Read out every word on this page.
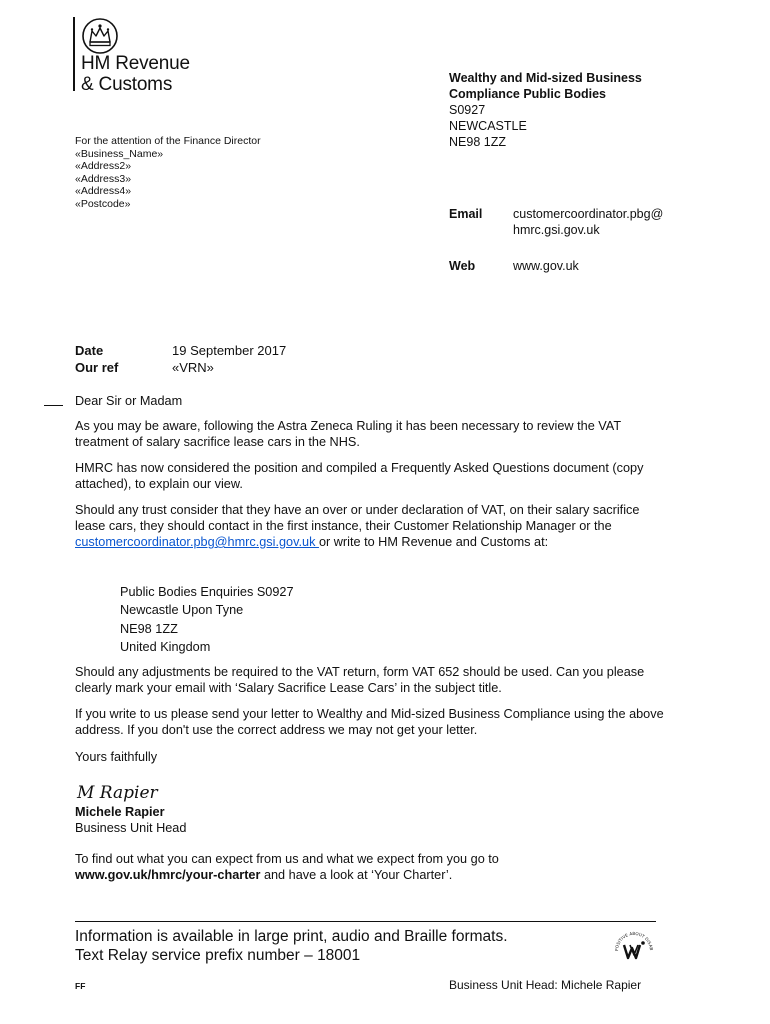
HM Revenue
& Customs	Wealthy and Mid-sized Business
Compliance Public Bodies
S0927
NEWCASTLE
NE98 1ZZ
For the attention of the Finance Director
«Business_Name»
«Address2»
«Address3»
«Address4»
«Postcode»
Email customercoordinator.pbg@
hmrc.gsi.gov.uk
Web	www.gov.uk
Date	19 September 2017
Our ref	«VRN»

Dear Sir or Madam

As you may be aware, following the Astra Zeneca Ruling it has been necessary to review the VAT treatment of salary sacrifice lease cars in the NHS.

HMRC has now considered the position and compiled a Frequently Asked Questions document (copy attached), to explain our view.

Should any trust consider that they have an over or under declaration of VAT, on their salary sacrifice lease cars, they should contact in the first instance, their Customer Relationship Manager or the customercoordinator.pbg@hmrc.gsi.gov.uk or write to HM Revenue and Customs at:

Public Bodies Enquiries S0927
Newcastle Upon Tyne
NE98 1ZZ
United Kingdom

Should any adjustments be required to the VAT return, form VAT 652 should be used. Can you please clearly mark your email with ‘Salary Sacrifice Lease Cars’ in the subject title.

If you write to us please send your letter to Wealthy and Mid-sized Business Compliance using the above address. If you don't use the correct address we may not get your letter.

Yours faithfully

M Rapier
Michele Rapier
Business Unit Head
To find out what you can expect from us and what we expect from you go to
www.gov.uk/hmrc/your-charter and have a look at ‘Your Charter’.
Information is available in large print, audio and Braille formats.
Text Relay service prefix number – 18001	POSITIVE ABOUT DISAB
FF	Business Unit Head: Michele Rapier
